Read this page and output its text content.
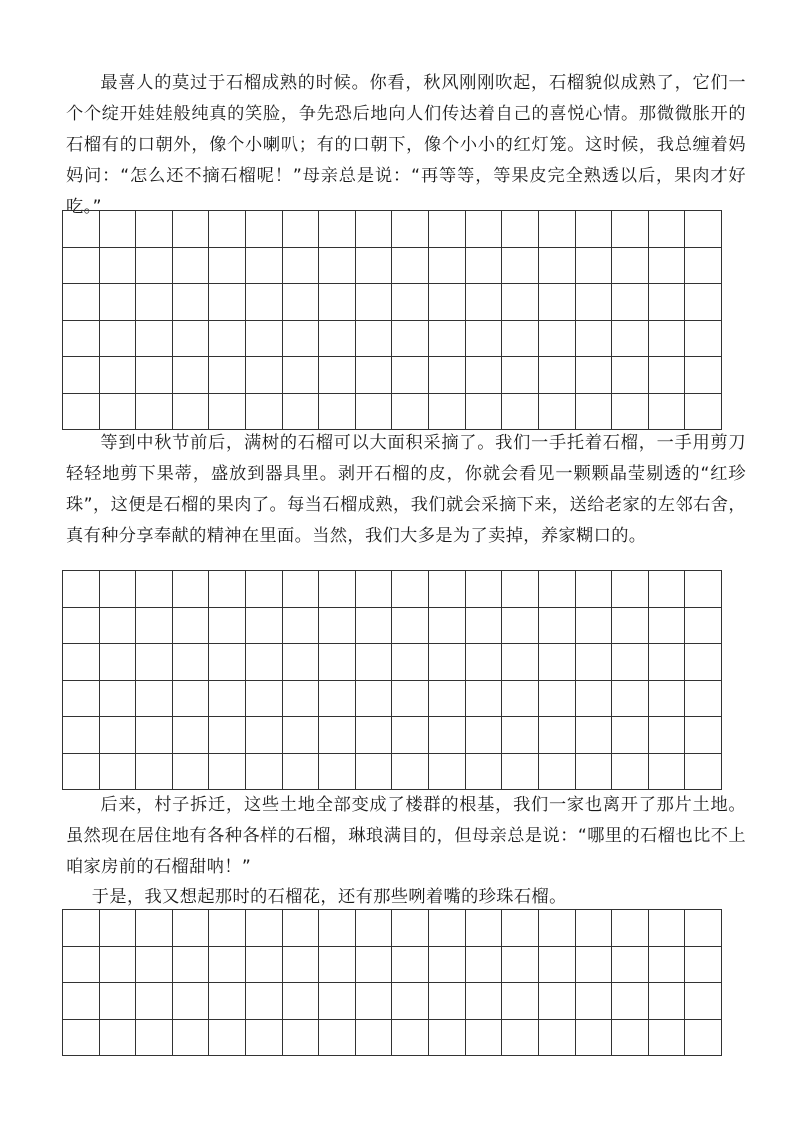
最喜人的莫过于石榴成熟的时候。你看，秋风刚刚吹起，石榴貌似成熟了，它们一个个绽开娃娃般纯真的笑脸，争先恐后地向人们传达着自己的喜悦心情。那微微胀开的石榴有的口朝外，像个小喇叭；有的口朝下，像个小小的红灯笼。这时候，我总缠着妈妈问：“怎么还不摘石榴呢！”母亲总是说：“再等等，等果皮完全熟透以后，果肉才好吃。”

等到中秋节前后，满树的石榴可以大面积采摘了。我们一手托着石榴，一手用剪刀轻轻地剪下果蒂，盛放到器具里。剥开石榴的皮，你就会看见一颗颗晶莹剔透的“红珍珠”，这便是石榴的果肉了。每当石榴成熟，我们就会采摘下来，送给老家的左邻右舍，真有种分享奉献的精神在里面。当然，我们大多是为了卖掉，养家糊口的。

后来，村子拆迁，这些土地全部变成了楼群的根基，我们一家也离开了那片土地。虽然现在居住地有各种各样的石榴，琳琅满目的，但母亲总是说：“哪里的石榴也比不上咱家房前的石榴甜呐！”

于是，我又想起那时的石榴花，还有那些咧着嘴的珍珠石榴。
